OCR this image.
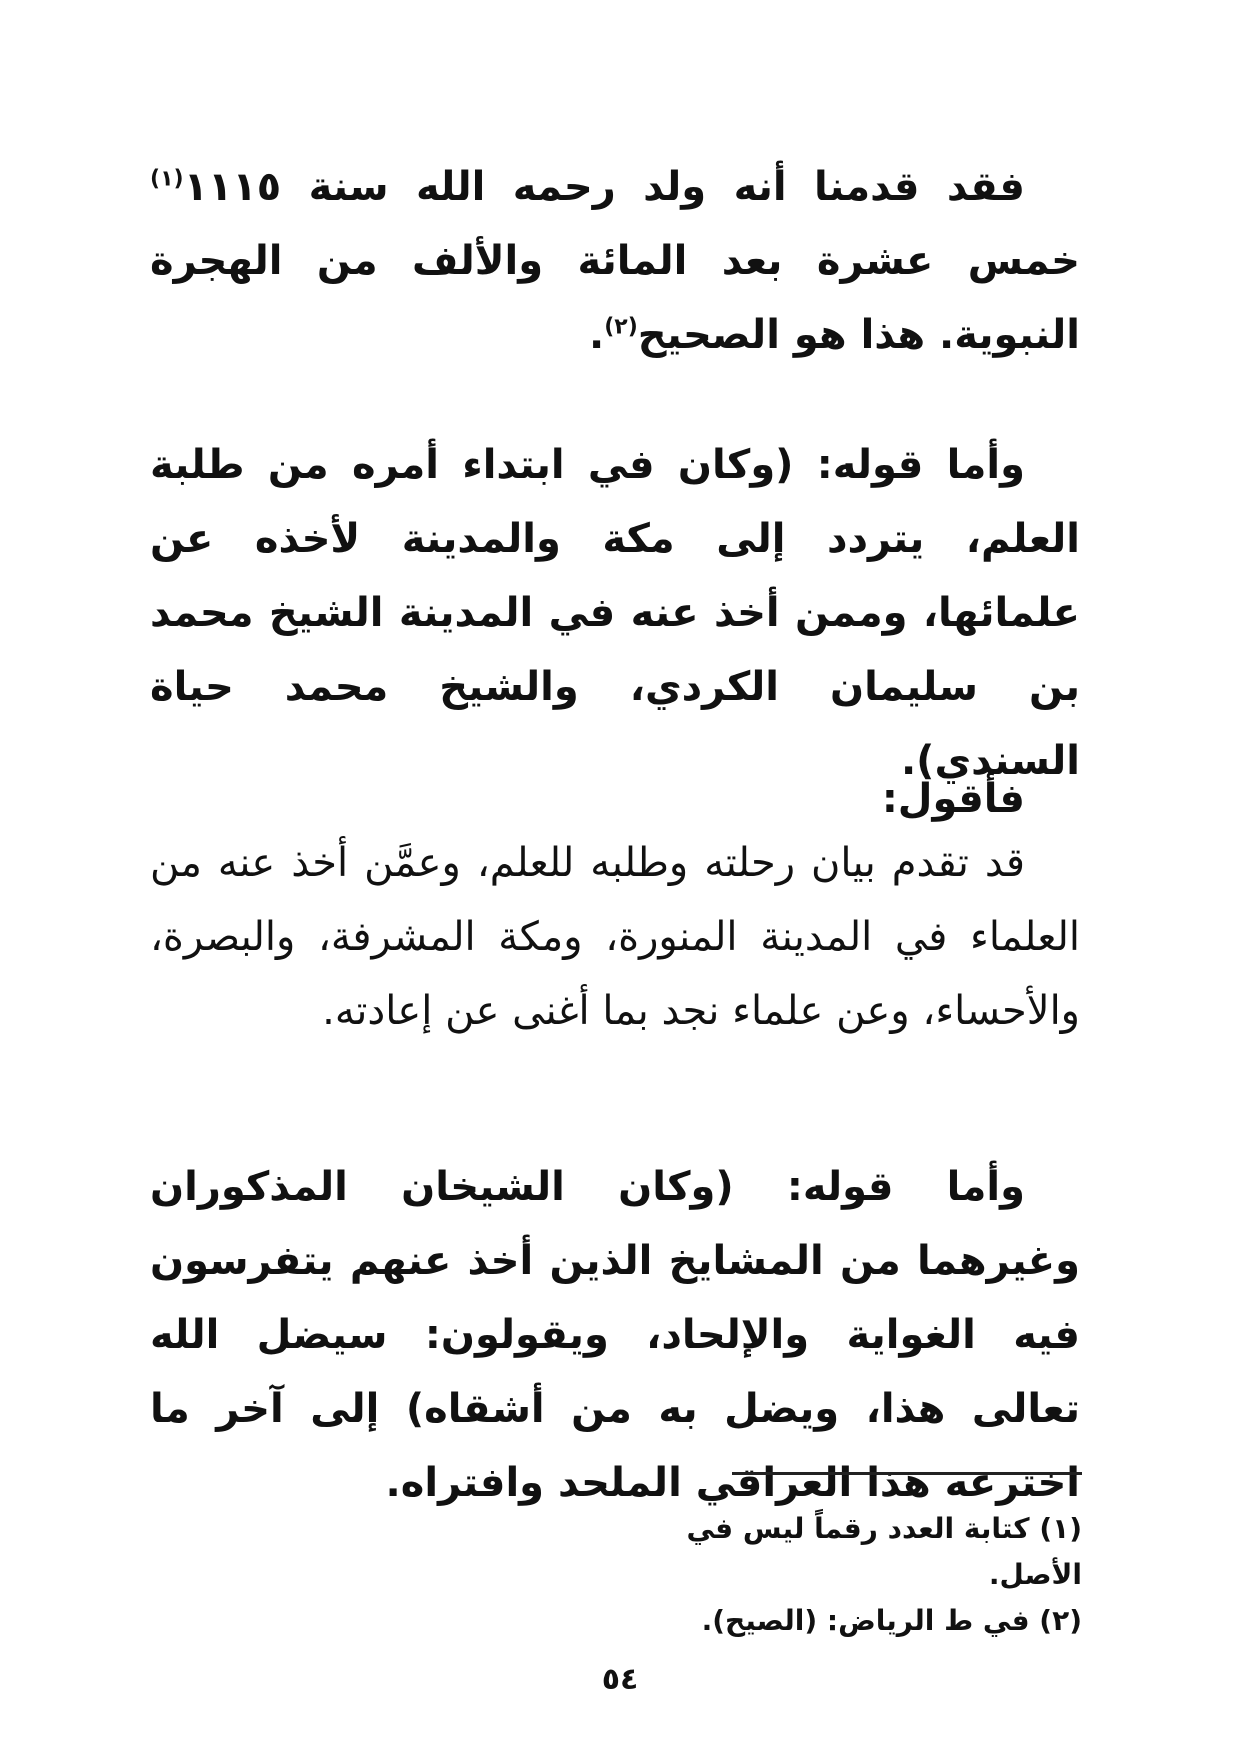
فقد قدمنا أنه ولد رحمه الله سنة ١١١٥$^{(١)}$ خمس عشرة بعد المائة والألف من الهجرة النبوية. هذا هو الصحيح$^{(٢)}$.

وأما قوله: (وكان في ابتداء أمره من طلبة العلم، يتردد إلى مكة والمدينة لأخذه عن علمائها، وممن أخذ عنه في المدينة الشيخ محمد بن سليمان الكردي، والشيخ محمد حياة السندي).

فأقول:

قد تقدم بيان رحلته وطلبه للعلم، وعمَّن أخذ عنه من العلماء في المدينة المنورة، ومكة المشرفة، والبصرة، والأحساء، وعن علماء نجد بما أغنى عن إعادته.

وأما قوله: (وكان الشيخان المذكوران وغيرهما من المشايخ الذين أخذ عنهم يتفرسون فيه الغواية والإلحاد، ويقولون: سيضل الله تعالى هذا، ويضل به من أشقاه) إلى آخر ما اخترعه هذا العراقي الملحد وافتراه.

(١) كتابة العدد رقماً ليس في الأصل.

(٢) في ط الرياض: (الصيح).

٥٤
